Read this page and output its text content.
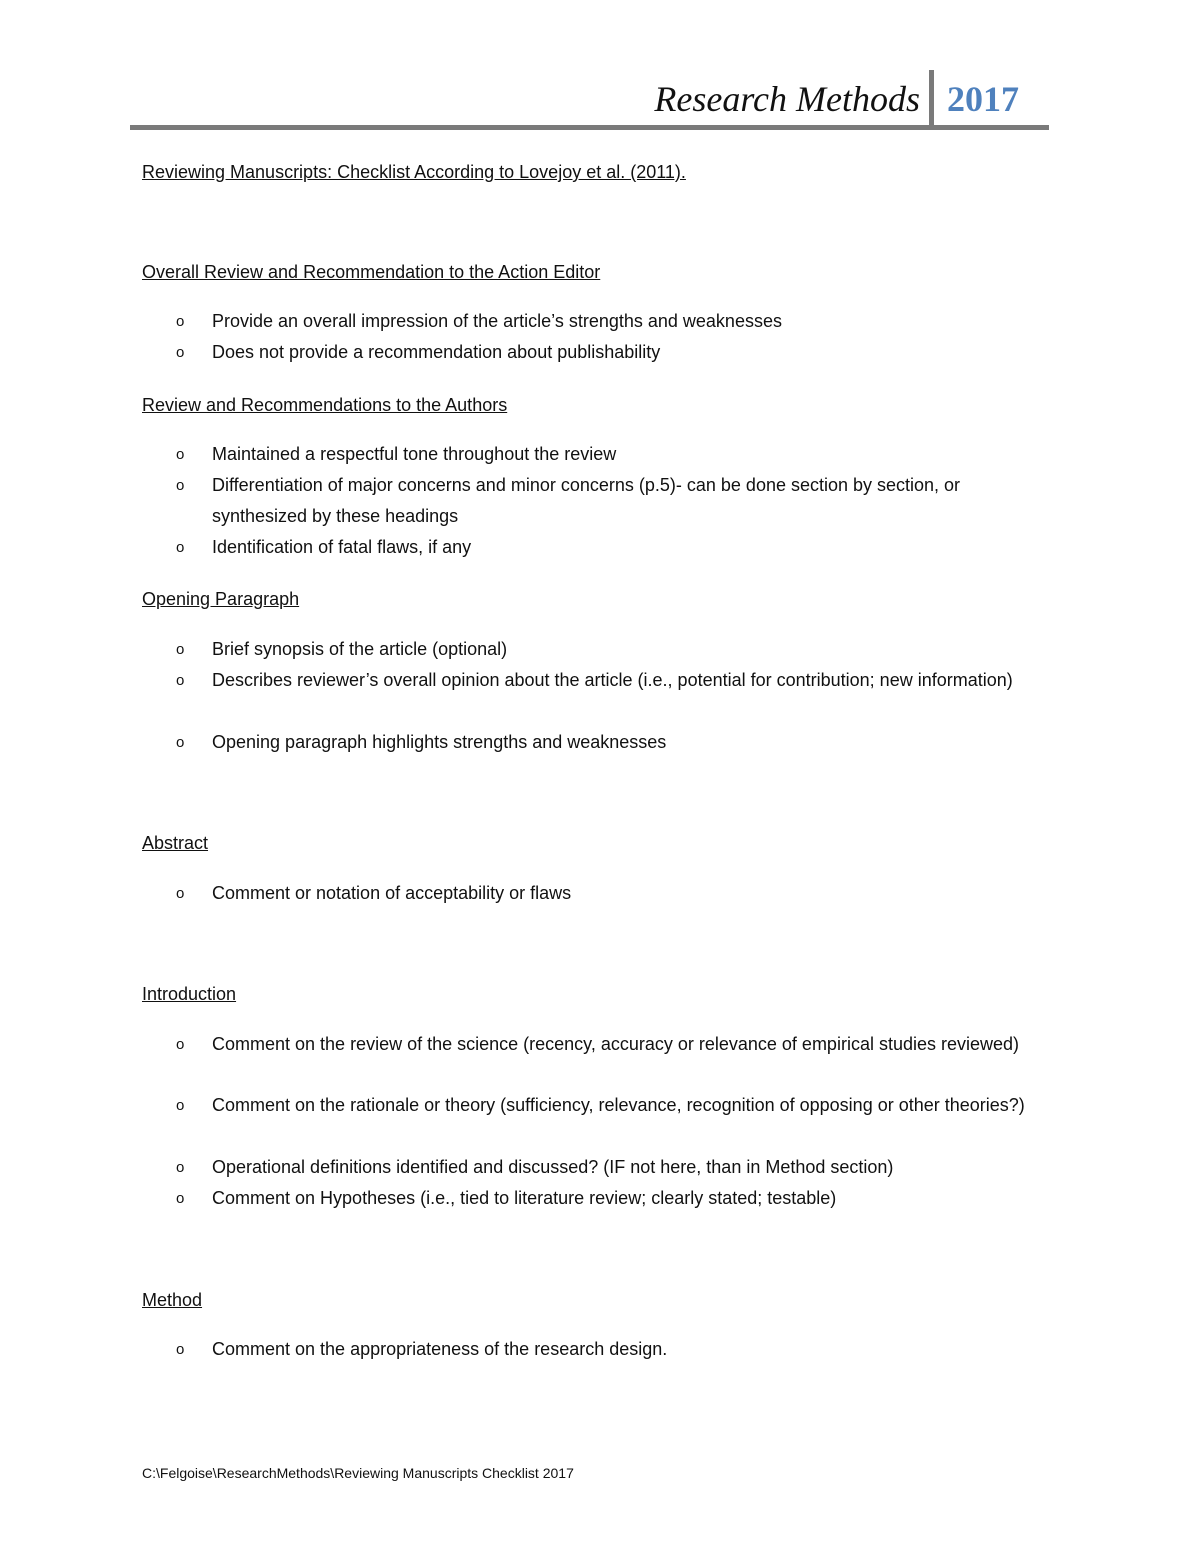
Research Methods 2017
Reviewing Manuscripts: Checklist According to Lovejoy et al. (2011).
Overall Review and Recommendation to the Action Editor
o Provide an overall impression of the article’s strengths and weaknesses
o Does not provide a recommendation about publishability
Review and Recommendations to the Authors
o Maintained a respectful tone throughout the review
o Differentiation of major concerns and minor concerns (p.5)- can be done section by section, or synthesized by these headings
o Identification of fatal flaws, if any
Opening Paragraph
o Brief synopsis of the article (optional)
o Describes reviewer’s overall opinion about the article (i.e., potential for contribution; new information)
o Opening paragraph highlights strengths and weaknesses
Abstract
o Comment or notation of acceptability or flaws
Introduction
o Comment on the review of the science (recency, accuracy or relevance of empirical studies reviewed)
o Comment on the rationale or theory (sufficiency, relevance, recognition of opposing or other theories?)
o Operational definitions identified and discussed? (IF not here, than in Method section)
o Comment on Hypotheses (i.e., tied to literature review; clearly stated; testable)
Method
o Comment on the appropriateness of the research design.
C:\Felgoise\ResearchMethods\Reviewing Manuscripts Checklist 2017
